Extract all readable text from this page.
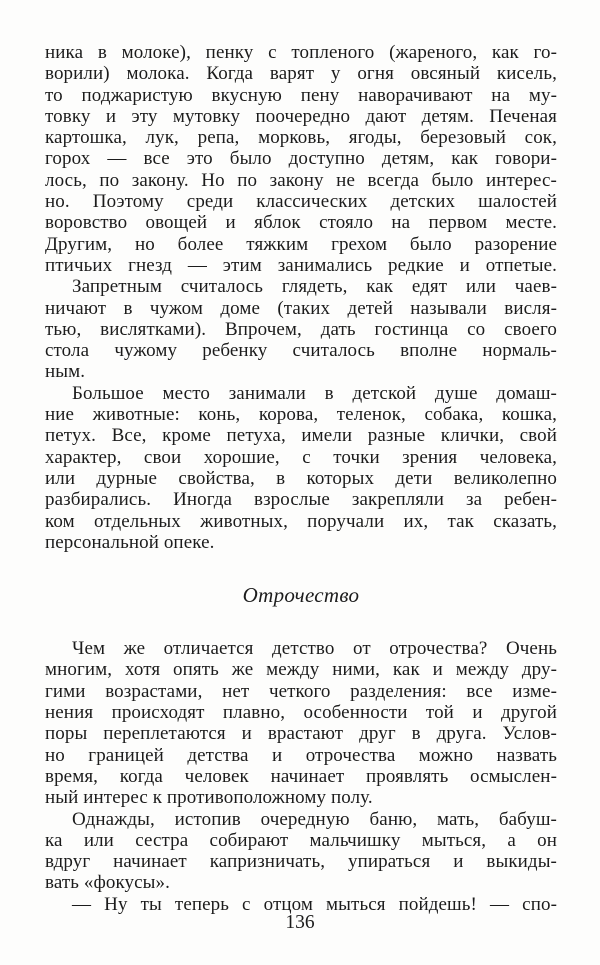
ника в молоке), пенку с топленого (жареного, как го-
ворили) молока. Когда варят у огня овсяный кисель,
то поджаристую вкусную пену наворачивают на му-
товку и эту мутовку поочередно дают детям. Печеная
картошка, лук, репа, морковь, ягоды, березовый сок,
горох — все это было доступно детям, как говори-
лось, по закону. Но по закону не всегда было интерес-
но. Поэтому среди классических детских шалостей
воровство овощей и яблок стояло на первом месте.
Другим, но более тяжким грехом было разорение
птичьих гнезд — этим занимались редкие и отпетые.
Запретным считалось глядеть, как едят или чаев-
ничают в чужом доме (таких детей называли висля-
тью, вислятками). Впрочем, дать гостинца со своего
стола чужому ребенку считалось вполне нормаль-
ным.
Большое место занимали в детской душе домаш-
ние животные: конь, корова, теленок, собака, кошка,
петух. Все, кроме петуха, имели разные клички, свой
характер, свои хорошие, с точки зрения человека,
или дурные свойства, в которых дети великолепно
разбирались. Иногда взрослые закрепляли за ребен-
ком отдельных животных, поручали их, так сказать,
персональной опеке.
Отрочество
Чем же отличается детство от отрочества? Очень
многим, хотя опять же между ними, как и между дру-
гими возрастами, нет четкого разделения: все изме-
нения происходят плавно, особенности той и другой
поры переплетаются и врастают друг в друга. Услов-
но границей детства и отрочества можно назвать
время, когда человек начинает проявлять осмыслен-
ный интерес к противоположному полу.
Однажды, истопив очередную баню, мать, бабуш-
ка или сестра собирают мальчишку мыться, а он
вдруг начинает капризничать, упираться и выкиды-
вать «фокусы».
— Ну ты теперь с отцом мыться пойдешь! — спо-
136
